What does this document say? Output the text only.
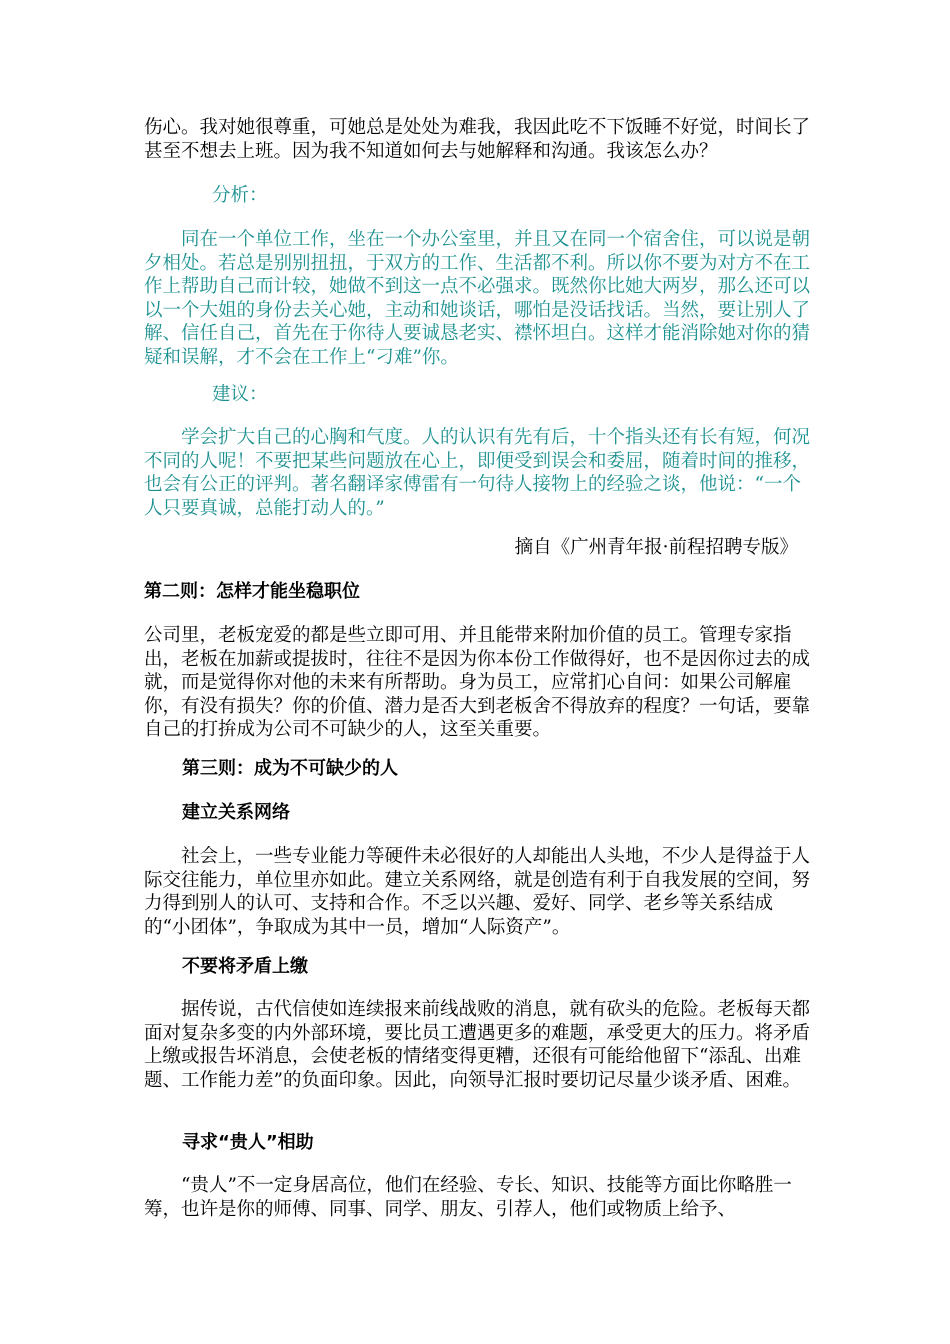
伤心。我对她很尊重，可她总是处处为难我，我因此吃不下饭睡不好觉，时间长了甚至不想去上班。因为我不知道如何去与她解释和沟通。我该怎么办？

分析：

同在一个单位工作，坐在一个办公室里，并且又在同一个宿舍住，可以说是朝夕相处。若总是别别扭扭，于双方的工作、生活都不利。所以你不要为对方不在工作上帮助自己而计较，她做不到这一点不必强求。既然你比她大两岁，那么还可以以一个大姐的身份去关心她，主动和她谈话，哪怕是没话找话。当然，要让别人了解、信任自己，首先在于你待人要诚恳老实、襟怀坦白。这样才能消除她对你的猜疑和误解，才不会在工作上“刁难”你。

建议：

学会扩大自己的心胸和气度。人的认识有先有后，十个指头还有长有短，何况不同的人呢！不要把某些问题放在心上，即便受到误会和委屈，随着时间的推移，也会有公正的评判。著名翻译家傅雷有一句待人接物上的经验之谈，他说：“一个人只要真诚，总能打动人的。”

摘自《广州青年报·前程招聘专版》

第二则：怎样才能坐稳职位

公司里，老板宠爱的都是些立即可用、并且能带来附加价值的员工。管理专家指出，老板在加薪或提拔时，往往不是因为你本份工作做得好，也不是因你过去的成就，而是觉得你对他的未来有所帮助。身为员工，应常扪心自问：如果公司解雇你，有没有损失？你的价值、潜力是否大到老板舍不得放弃的程度？一句话，要靠自己的打拚成为公司不可缺少的人，这至关重要。

第三则：成为不可缺少的人

建立关系网络

社会上，一些专业能力等硬件未必很好的人却能出人头地，不少人是得益于人际交往能力，单位里亦如此。建立关系网络，就是创造有利于自我发展的空间，努力得到别人的认可、支持和合作。不乏以兴趣、爱好、同学、老乡等关系结成的“小团体”，争取成为其中一员，增加“人际资产”。

不要将矛盾上缴

据传说，古代信使如连续报来前线战败的消息，就有砍头的危险。老板每天都面对复杂多变的内外部环境，要比员工遭遇更多的难题，承受更大的压力。将矛盾上缴或报告坏消息，会使老板的情绪变得更糟，还很有可能给他留下“添乱、出难题、工作能力差”的负面印象。因此，向领导汇报时要切记尽量少谈矛盾、困难。

寻求“贵人”相助

“贵人”不一定身居高位，他们在经验、专长、知识、技能等方面比你略胜一筹，也许是你的师傅、同事、同学、朋友、引荐人，他们或物质上给予、
